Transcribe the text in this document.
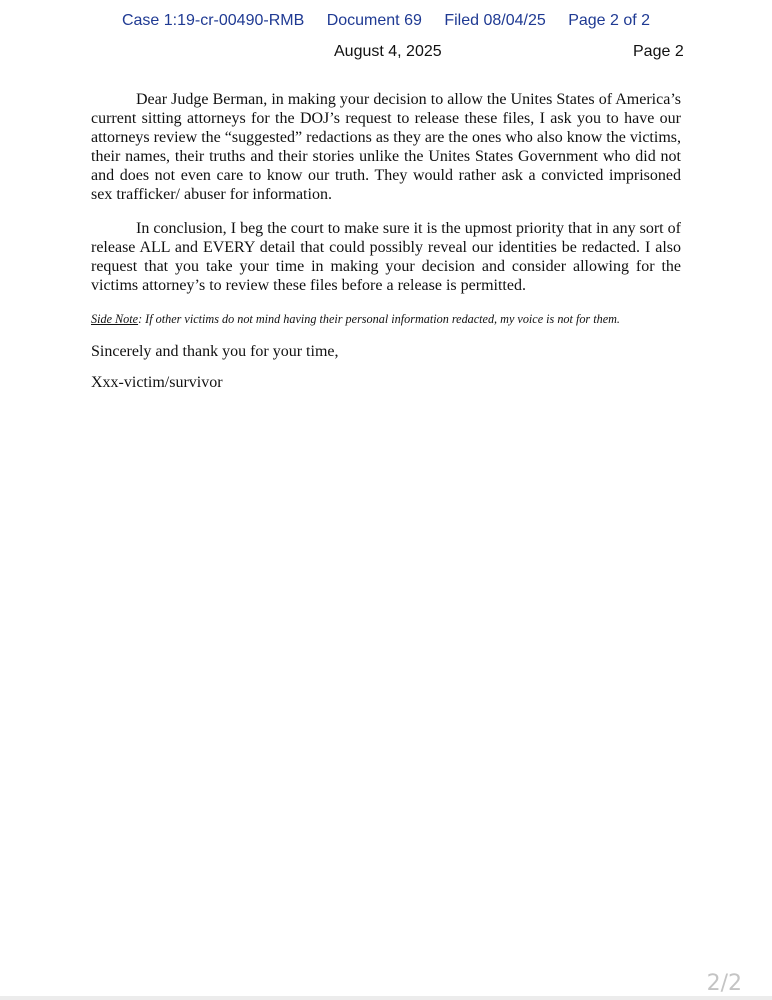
Case 1:19-cr-00490-RMB Document 69 Filed 08/04/25 Page 2 of 2
August 4, 2025	Page 2

Dear Judge Berman, in making your decision to allow the Unites States of America’s current sitting attorneys for the DOJ’s request to release these files, I ask you to have our attorneys review the “suggested” redactions as they are the ones who also know the victims, their names, their truths and their stories unlike the Unites States Government who did not and does not even care to know our truth. They would rather ask a convicted imprisoned sex trafficker/ abuser for information.

In conclusion, I beg the court to make sure it is the upmost priority that in any sort of release ALL and EVERY detail that could possibly reveal our identities be redacted. I also request that you take your time in making your decision and consider allowing for the victims attorney’s to review these files before a release is permitted.

Side Note: If other victims do not mind having their personal information redacted, my voice is not for them.

Sincerely and thank you for your time,

Xxx-victim/survivor

2/2
